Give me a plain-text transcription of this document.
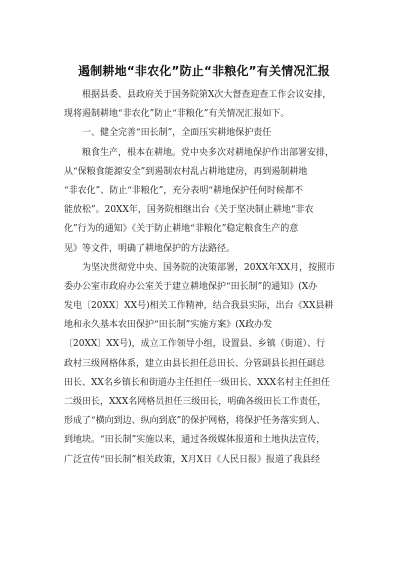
遏制耕地“非农化”防止“非粮化”有关情况汇报
根据县委、县政府关于国务院第X次大督查迎查工作会议安排，
现将遏制耕地“非农化”防止“非粮化”有关情况汇报如下。
一、健全完善“田长制”，全面压实耕地保护责任
粮食生产，根本在耕地。党中央多次对耕地保护作出部署安排，
从“保粮食能源安全”到遏制农村乱占耕地建房，再到遏制耕地
“非农化”、防止“非粮化”，充分表明“耕地保护任何时候都不
能放松”。20XX年，国务院相继出台《关于坚决制止耕地“非农
化”行为的通知》《关于防止耕地“非粮化”稳定粮食生产的意
见》等文件，明确了耕地保护的方法路径。
为坚决贯彻党中央、国务院的决策部署，20XX年XX月，按照市
委办公室市政府办公室关于建立耕地保护“田长制”的通知》(X办
发电〔20XX〕XX号)相关工作精神，结合我县实际，出台《XX县耕
地和永久基本农田保护“田长制”实施方案》(X政办发
〔20XX〕XX号)，成立工作领导小组，设置县、乡镇（街道）、行
政村三级网格体系，建立由县长担任总田长、分管副县长担任副总
田长、XX名乡镇长和街道办主任担任一级田长、XXX名村主任担任
二级田长，XXX名网格员担任三级田长，明确各级田长工作责任，
形成了“横向到边、纵向到底”的保护网格，将保护任务落实到人、
到地块。“田长制”实施以来，通过各级媒体报道和土地执法宣传，
广泛宣传“田长制”相关政策，X月X日《人民日报》报道了我县经
